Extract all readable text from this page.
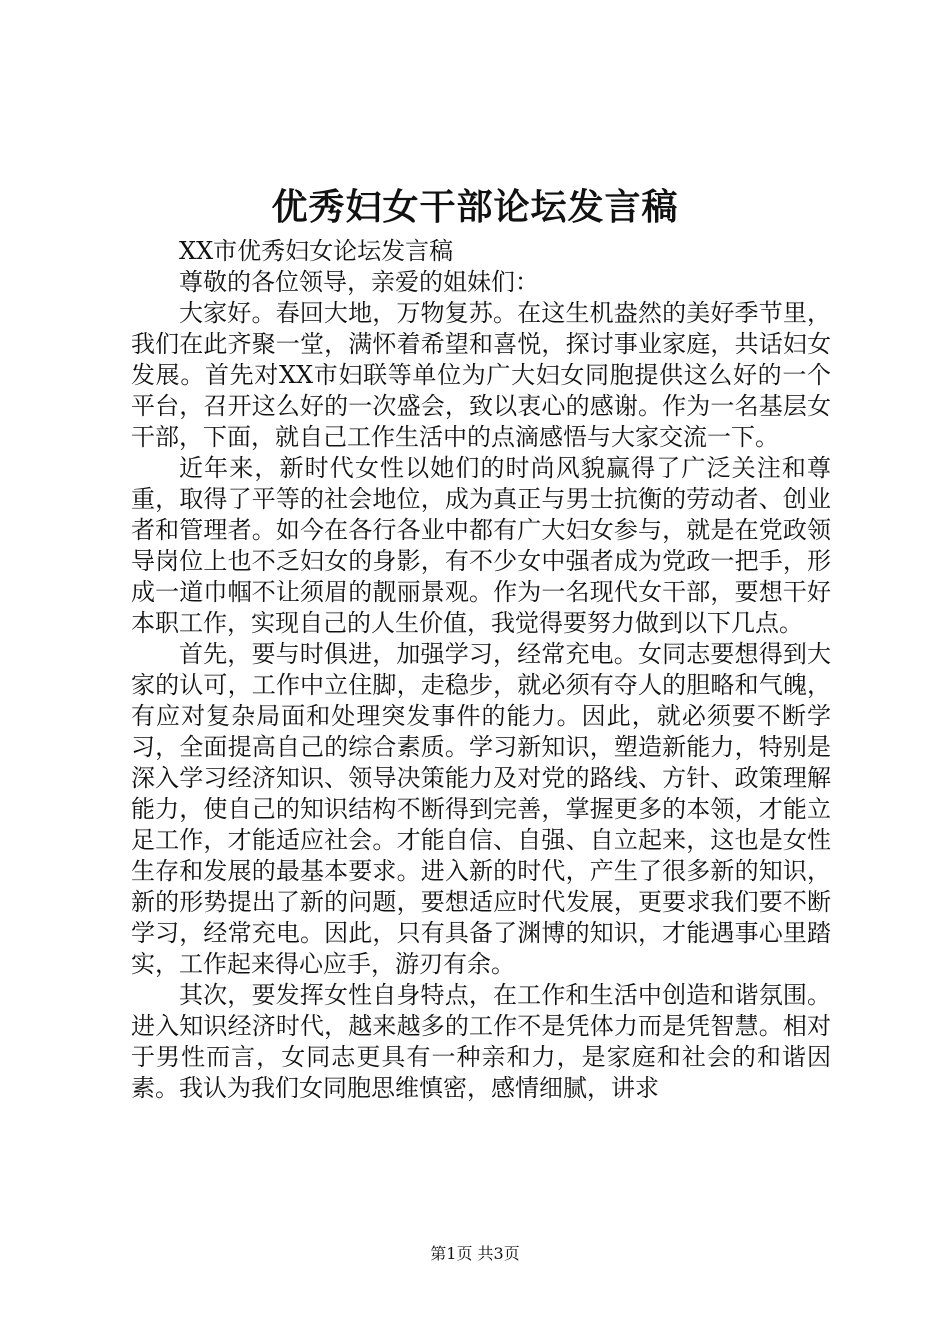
优秀妇女干部论坛发言稿

XX市优秀妇女论坛发言稿

尊敬的各位领导，亲爱的姐妹们：

大家好。春回大地，万物复苏。在这生机盎然的美好季节里，我们在此齐聚一堂，满怀着希望和喜悦，探讨事业家庭，共话妇女发展。首先对XX市妇联等单位为广大妇女同胞提供这么好的一个平台，召开这么好的一次盛会，致以衷心的感谢。作为一名基层女干部，下面，就自己工作生活中的点滴感悟与大家交流一下。

近年来，新时代女性以她们的时尚风貌赢得了广泛关注和尊重，取得了平等的社会地位，成为真正与男士抗衡的劳动者、创业者和管理者。如今在各行各业中都有广大妇女参与，就是在党政领导岗位上也不乏妇女的身影，有不少女中强者成为党政一把手，形成一道巾帼不让须眉的靓丽景观。作为一名现代女干部，要想干好本职工作，实现自己的人生价值，我觉得要努力做到以下几点。

首先，要与时俱进，加强学习，经常充电。女同志要想得到大家的认可，工作中立住脚，走稳步，就必须有夺人的胆略和气魄，有应对复杂局面和处理突发事件的能力。因此，就必须要不断学习，全面提高自己的综合素质。学习新知识，塑造新能力，特别是深入学习经济知识、领导决策能力及对党的路线、方针、政策理解能力，使自己的知识结构不断得到完善，掌握更多的本领，才能立足工作，才能适应社会。才能自信、自强、自立起来，这也是女性生存和发展的最基本要求。进入新的时代，产生了很多新的知识，新的形势提出了新的问题，要想适应时代发展，更要求我们要不断学习，经常充电。因此，只有具备了渊博的知识，才能遇事心里踏实，工作起来得心应手，游刃有余。

其次，要发挥女性自身特点，在工作和生活中创造和谐氛围。进入知识经济时代，越来越多的工作不是凭体力而是凭智慧。相对于男性而言，女同志更具有一种亲和力，是家庭和社会的和谐因素。我认为我们女同胞思维慎密，感情细腻，讲求

第1页 共3页
